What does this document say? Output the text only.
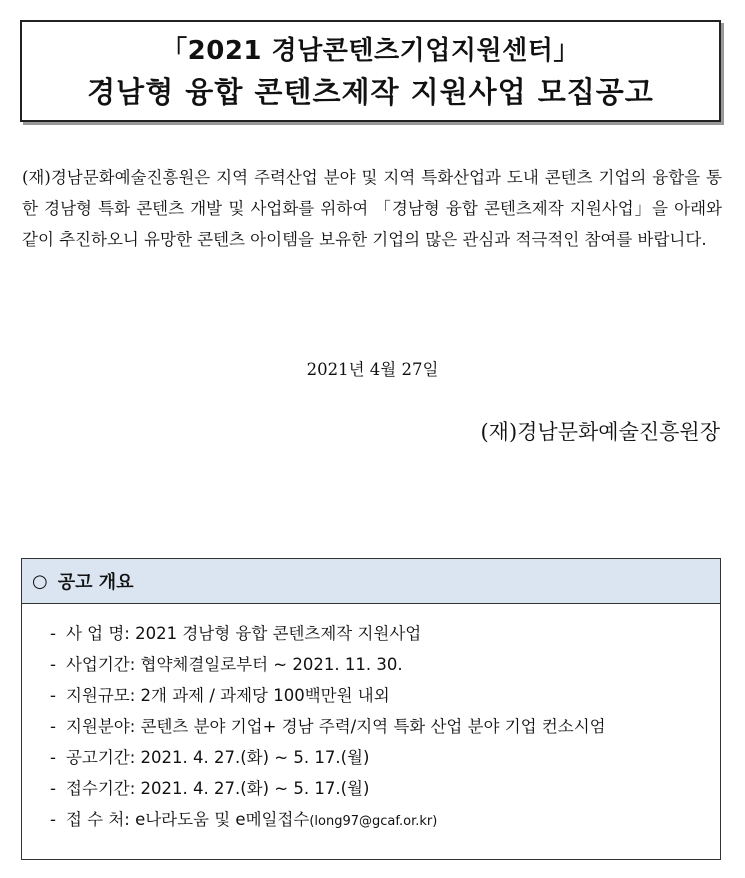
「2021 경남콘텐츠기업지원센터」
경남형 융합 콘텐츠제작 지원사업 모집공고

(재)경남문화예술진흥원은 지역 주력산업 분야 및 지역 특화산업과 도내 콘텐츠 기업의 융합을 통한 경남형 특화 콘텐츠 개발 및 사업화를 위하여 「경남형 융합 콘텐츠제작 지원사업」을 아래와 같이 추진하오니 유망한 콘텐츠 아이템을 보유한 기업의 많은 관심과 적극적인 참여를 바랍니다.

2021년 4월 27일
(재)경남문화예술진흥원장
○ 공고 개요
- 사 업 명: 2021 경남형 융합 콘텐츠제작 지원사업
- 사업기간: 협약체결일로부터 ~ 2021. 11. 30.
- 지원규모: 2개 과제 / 과제당 100백만원 내외
- 지원분야: 콘텐츠 분야 기업+ 경남 주력/지역 특화 산업 분야 기업 컨소시엄
- 공고기간: 2021. 4. 27.(화) ~ 5. 17.(월)
- 접수기간: 2021. 4. 27.(화) ~ 5. 17.(월)
- 접 수 처: e나라도움 및 e메일접수(long97@gcaf.or.kr)
